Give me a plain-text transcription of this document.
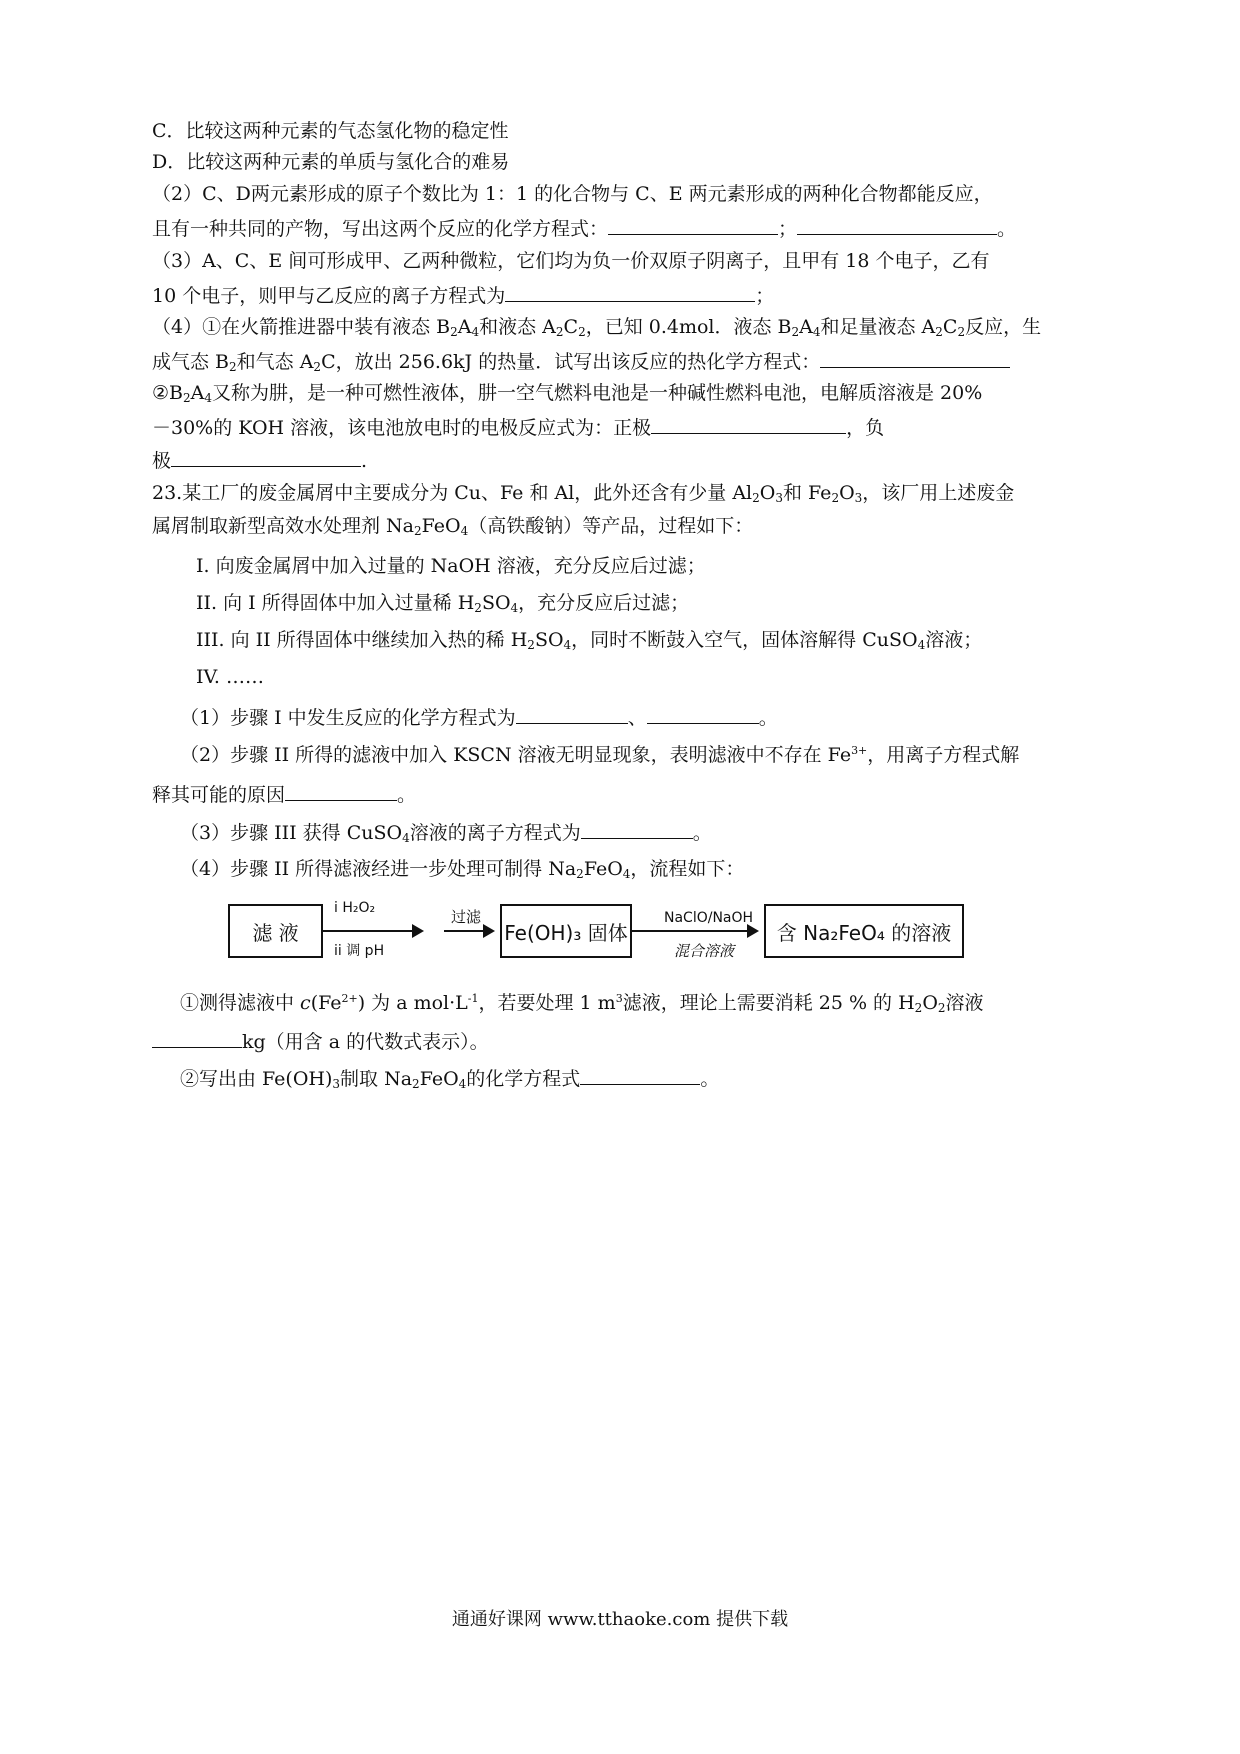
C．比较这两种元素的气态氢化物的稳定性
D．比较这两种元素的单质与氢化合的难易
（2）C、D两元素形成的原子个数比为 1：1 的化合物与 C、E 两元素形成的两种化合物都能反应，
且有一种共同的产物，写出这两个反应的化学方程式：	；	。
（3）A、C、E 间可形成甲、乙两种微粒，它们均为负一价双原子阴离子，且甲有 18 个电子，乙有
10 个电子，则甲与乙反应的离子方程式为	；
（4）①在火箭推进器中装有液态 $B_2A_4$和液态 $A_2C_2$，已知 0.4mol．液态 $B_2A_4$和足量液态 $A_2C_2$反应，生
成气态 $B_2$和气态 $A_2C$，放出 256.6kJ 的热量．试写出该反应的热化学方程式：
$②B_2A_4$又称为肼，是一种可燃性液体，肼一空气燃料电池是一种碱性燃料电池，电解质溶液是 20%
－30%的 KOH 溶液，该电池放电时的电极反应式为：正极	，负
极	.
23.某工厂的废金属屑中主要成分为 Cu、Fe 和 Al，此外还含有少量 $Al_2O_3$和 $Fe_2O_3$，该厂用上述废金
属屑制取新型高效水处理剂 $Na_2FeO_4$（高铁酸钠）等产品，过程如下：
I. 向废金属屑中加入过量的 NaOH 溶液，充分反应后过滤；
II. 向 I 所得固体中加入过量稀 $H_2SO_4$，充分反应后过滤；
III. 向 II 所得固体中继续加入热的稀 $H_2SO_4$，同时不断鼓入空气，固体溶解得 CuSO$_4$溶液；
IV. ……
（1）步骤 I 中发生反应的化学方程式为	、	。
（2）步骤 II 所得的滤液中加入 KSCN 溶液无明显现象，表明滤液中不存在 $Fe^{3+}$，用离子方程式解
释其可能的原因	。
（3）步骤 III 获得 CuSO$_4$溶液的离子方程式为	。
（4）步骤 II 所得滤液经进一步处理可制得 $Na_2FeO_4$，流程如下：
滤 液
i H₂O₂
ii 调 pH
过滤
Fe(OH)₃ 固体
NaClO/NaOH
混合溶液
含 Na₂FeO₄ 的溶液
①测得滤液中 $c(Fe^{2+})$ 为 a $mol\cdot L^{-1}$，若要处理 1 $m^3$滤液，理论上需要消耗 25 % 的 $H_2O_2$溶液
kg（用含 a 的代数式表示）。
②写出由 $Fe(OH)_3$制取 $Na_2FeO_4$的化学方程式	。
通通好课网 www.tthaoke.com 提供下载
